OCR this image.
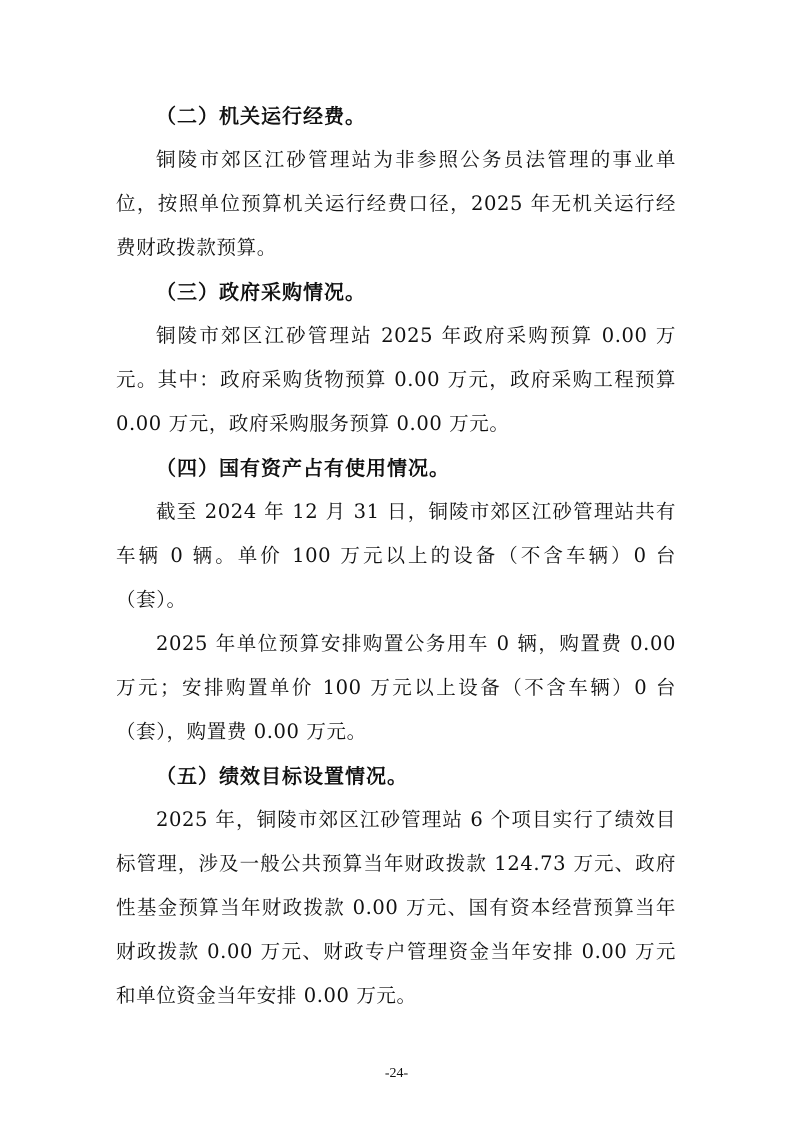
（二）机关运行经费。

铜陵市郊区江砂管理站为非参照公务员法管理的事业单位，按照单位预算机关运行经费口径，2025 年无机关运行经费财政拨款预算。

（三）政府采购情况。

铜陵市郊区江砂管理站 2025 年政府采购预算 0.00 万元。其中：政府采购货物预算 0.00 万元，政府采购工程预算 0.00 万元，政府采购服务预算 0.00 万元。

（四）国有资产占有使用情况。

截至 2024 年 12 月 31 日，铜陵市郊区江砂管理站共有车辆 0 辆。单价 100 万元以上的设备（不含车辆）0 台（套）。

2025 年单位预算安排购置公务用车 0 辆，购置费 0.00 万元；安排购置单价 100 万元以上设备（不含车辆）0 台（套），购置费 0.00 万元。

（五）绩效目标设置情况。

2025 年，铜陵市郊区江砂管理站 6 个项目实行了绩效目标管理，涉及一般公共预算当年财政拨款 124.73 万元、政府性基金预算当年财政拨款 0.00 万元、国有资本经营预算当年财政拨款 0.00 万元、财政专户管理资金当年安排 0.00 万元和单位资金当年安排 0.00 万元。

-24-
